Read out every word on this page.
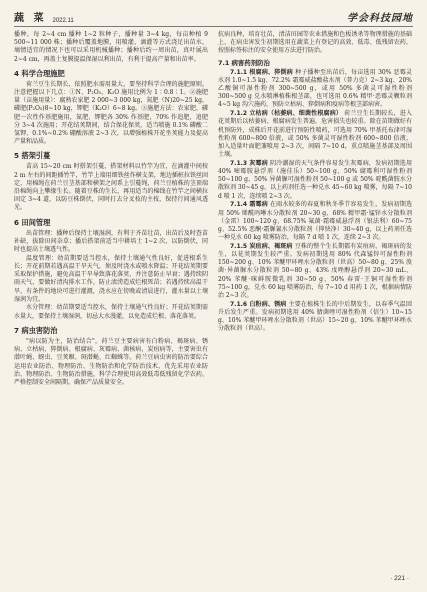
蔬 菜 2022.11	学会科技园地

播种，每 2~4 cm 播种 1~2 粒种子，播种量 3~4 kg，每亩种植 9 500~11 000 株；播种后覆盖地膜，用喷灌、滴灌等方式浇足出苗水，墒情适宜的情况下也可以采用机械播种；播种后约一周出苗，真叶展出 2~4 cm，再盖土复膜提温保湿以利出苗，有利于提高产量和出苗率。

4 科学合理施肥

荷兰豆生长期长，依照肥水需用量大，要坚持科学合理的施肥原则，注意把握以下几点：①N、P₂O₅、K₂O 施用比例为 1∶0.8∶1。②施肥量（亩施用量）：腐熟农家肥 2 000~3 000 kg，氮肥（N)20~25 kg，磷肥(P₂O₅)8~10 kg，钾肥（K₂O）6~8 kg。③施肥方法：农家肥、磷肥一次性作基肥施用，氮肥、钾肥各 30% 作基肥，70% 作追肥，追肥分 3~4 次施用；开花结荚期间，结合保花保荚，适当喷施 0.1% 磷酸二氢钾、0.1%~0.2% 硼酸溶液 2~3 次，以增强植株开花坐荚能力及提高产量和品质。

5 搭架引蔓

苗高 15~20 cm 时搭架引蔓，搭架材料以竹竿为宜，在滴灌中间按 2 m 左右的间距插竹竿，竹竿上端用细铁丝作横支架，地边插桩拉铁丝固定，用棉绳在荷兰豆茎基部和横架之间系上引蔓绳，荷兰豆植株的茎顶端沿棉绳向上攀缘生长。随着豆株的生长，再用适当的棉线在竹竿之间横拉固定 3~4 道，以防豆株倒伏，同时打去分叉枝的主枝，保持行间通风透光。

6 田间管理

出苗管理：播种后保持土壤湿润，有利于齐苗壮苗，出苗后及时查苗补缺，拔除田间杂草；播后搭架前适当中耕培土 1~2 次，以防倒伏，同时也提高土壤透气性。

温度管理：幼苗期要适当控水，保持土壤通气性良好，促进根系生长；开花前期若遇高温干旱天气，须及时浇水或喷水降温；开花结荚期要采取保护措施，避免高温干旱导致落花落荚，并注意防止早衰；遇持续阴雨天气，要做好清沟排水工作，防止渍涝造成烂根死苗；若遇持续高温干旱，有条件的地块可进行灌溉，浇水应在傍晚或清晨进行，灌水量以土壤湿润为宜。

水分管理：幼苗期要适当控水，保持土壤通气性良好；开花结荚期需水量大，要保持土壤湿润，切忌大水漫灌，以免造成烂根、落花落荚。

7 病虫害防治

"病以防为主，防治结合"，荷兰豆主要病害有白粉病、褐斑病、锈病、立枯病、猝倒病、根腐病、灰霉病、菌核病、炭疽病等，主要害虫有潜叶蝇、蚜虫、豆荚螟、斑潜蝇、红蜘蛛等。荷兰豆病虫害的防治要综合运用农业防治、物理防治、生物防治和化学防治技术，优先采用农业防治、物理防治、生物防治措施，科学合理使用高效低毒低残留化学农药，严格控制安全间隔期，确保产品质量安全。

抗病良种，培育壮苗，清洁田园等农业措施和色板诱杀等物理措施的基础上，在病虫害发生初期选用在蔬菜上有登记的高效、低毒、低残留农药，按照标签标注的安全使用方法进行防治。

7.1 病害药剂防治

7.1.1 根腐病、猝倒病 种子播种至出苗后，每亩选用 30% 恶霉灵水剂 1.0~1.5 kg、72.2% 霜霉威盐酸盐水剂（普力克）2~3 kg、20% 乙酸铜可湿性粉剂 300~500 g，或用 50% 多菌灵可湿性粉剂 300~500 g 兑水喷淋植株根茎部，也可选用 0.6% 精甲·恶霉灵颗粒剂 4~5 kg 沟穴施药，预防立枯病、猝倒病和疫病等根茎部病害。

7.1.2 立枯病（枯萎病、细菌性根腐病） 荷兰豆生长期较长，进入花荚期后以枯萎病、根腐病发生普遍，危害损失也较重。除在苗期做好有机预防外，成株后开花前进行预防性喷药，可选用 70% 甲基托布津可湿性粉剂 600~800 倍液，或 50% 多菌灵可湿性粉剂 600~800 倍液，加入适量叶面肥兼喷用 2~3 次，间隔 7~10 d，重点喷施茎基部及周围土壤。

7.1.3 灰霉病 阴冷潮湿的天气条件容易发生灰霉病，发病初期选用 40% 嘧霉胺悬浮剂（施佳乐）50~100 g、50% 腐霉利可湿性粉剂 50~100 g、50% 异菌脲可湿性粉剂 50~100 g 或 50% 啶酰菌胺水分散粒剂 30~45 g，以上药剂任选一种兑水 45~60 kg 喷雾，每隔 7~10 d 喷 1 次，连续喷 2~3 次。

7.1.4 霜霉病 在雨水较多的春夏和秋冬季节容易发生，发病初期选用 50% 烯酰吗啉水分散粒剂 20~30 g、68% 精甲霜·锰锌水分散粒剂（金雷）100~120 g、68.75% 氟菌·霜霉威悬浮剂（银法利）60~75 g、52.5% 恶酮·霜脲氰水分散粒剂（抑快净）30~40 g，以上药剂任选一种兑水 60 kg 喷雾防治，每隔 7 d 喷 1 次，连续 2~3 次。

7.1.5 炭疽病、褐斑病 豆株的整个生长期都有炭疽病、褐斑病的发生，以花荚期发生较严重。发病初期选用 80% 代森锰锌可湿性粉剂 150~200 g、10% 苯醚甲环唑水分散粒剂（世高）50~80 g、25% 溴菌·异菌脲水分散粒剂 50~80 g、43% 戊唑醇悬浮剂 20~30 mL、20% 苯醚·咪鲜胺微乳剂 30~50 g、50% 春雷·王铜可湿性粉剂 75~100 g，兑水 60 kg 喷雾防治，每 7~10 d 用药 1 次，根据病情防治 2~3 次。

7.1.6 白粉病、锈病 主要在植株生长的中后期发生，以春季气温回升后发生严重。发病初期选用 40% 腈菌唑可湿性粉剂（信生）10~15 g、10% 苯醚甲环唑水分散粒剂（世高）15~20 g、10% 苯醚甲环唑水分散粒剂（世高）。

· 221 ·
